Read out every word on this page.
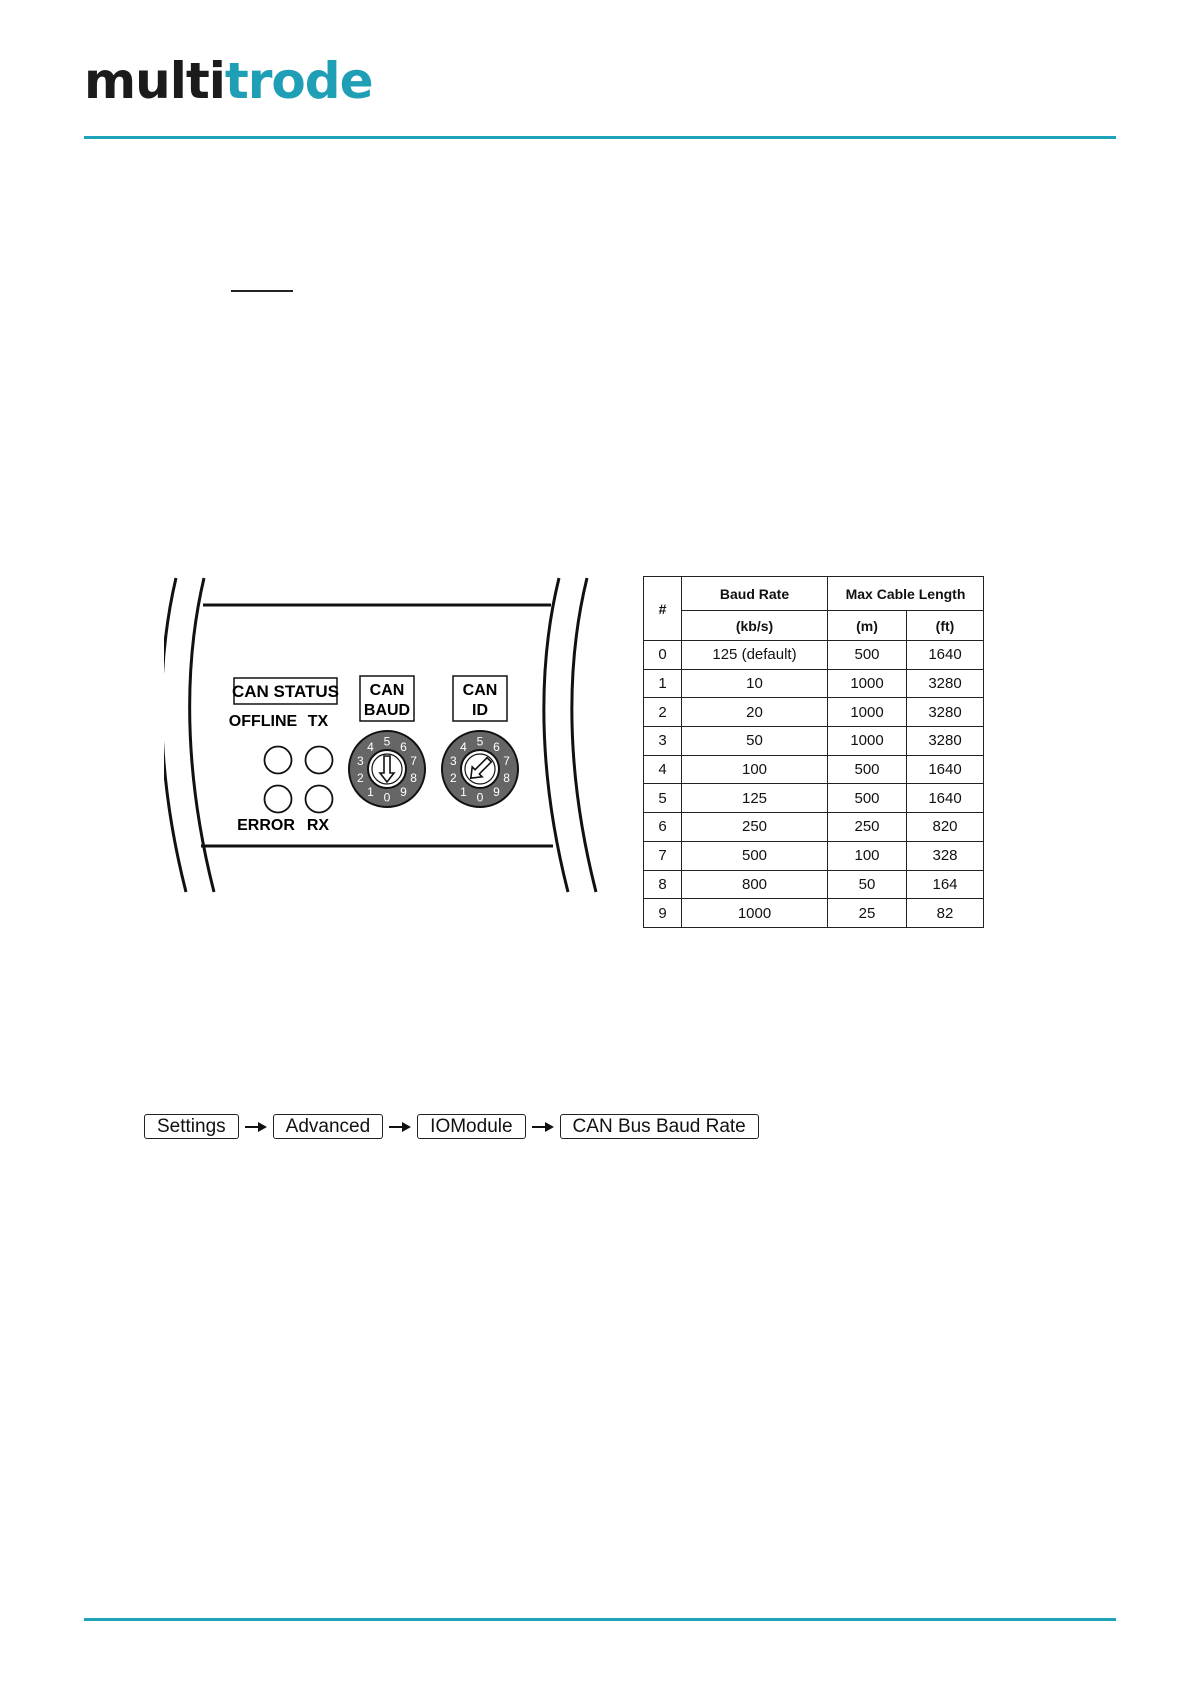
multitrode
CAN STATUS
OFFLINE TX
ERROR RX
CAN
BAUD
CAN
ID
0
1
2
3
4 5 6
7
8
9	0
1
2
3
4 5 6
7
8
9
#	Baud Rate	Max Cable Length	
	(kb/s)	(m)	(ft)
0	125 (default)	500	1640
1	10	1000	3280
2	20	1000	3280
3	50	1000	3280
4	100	500	1640
5	125	500	1640
6	250	250	820
7	500	100	328
8	800	50	164
9	1000	25	82
Settings	Advanced	IOModule	CAN Bus Baud Rate
